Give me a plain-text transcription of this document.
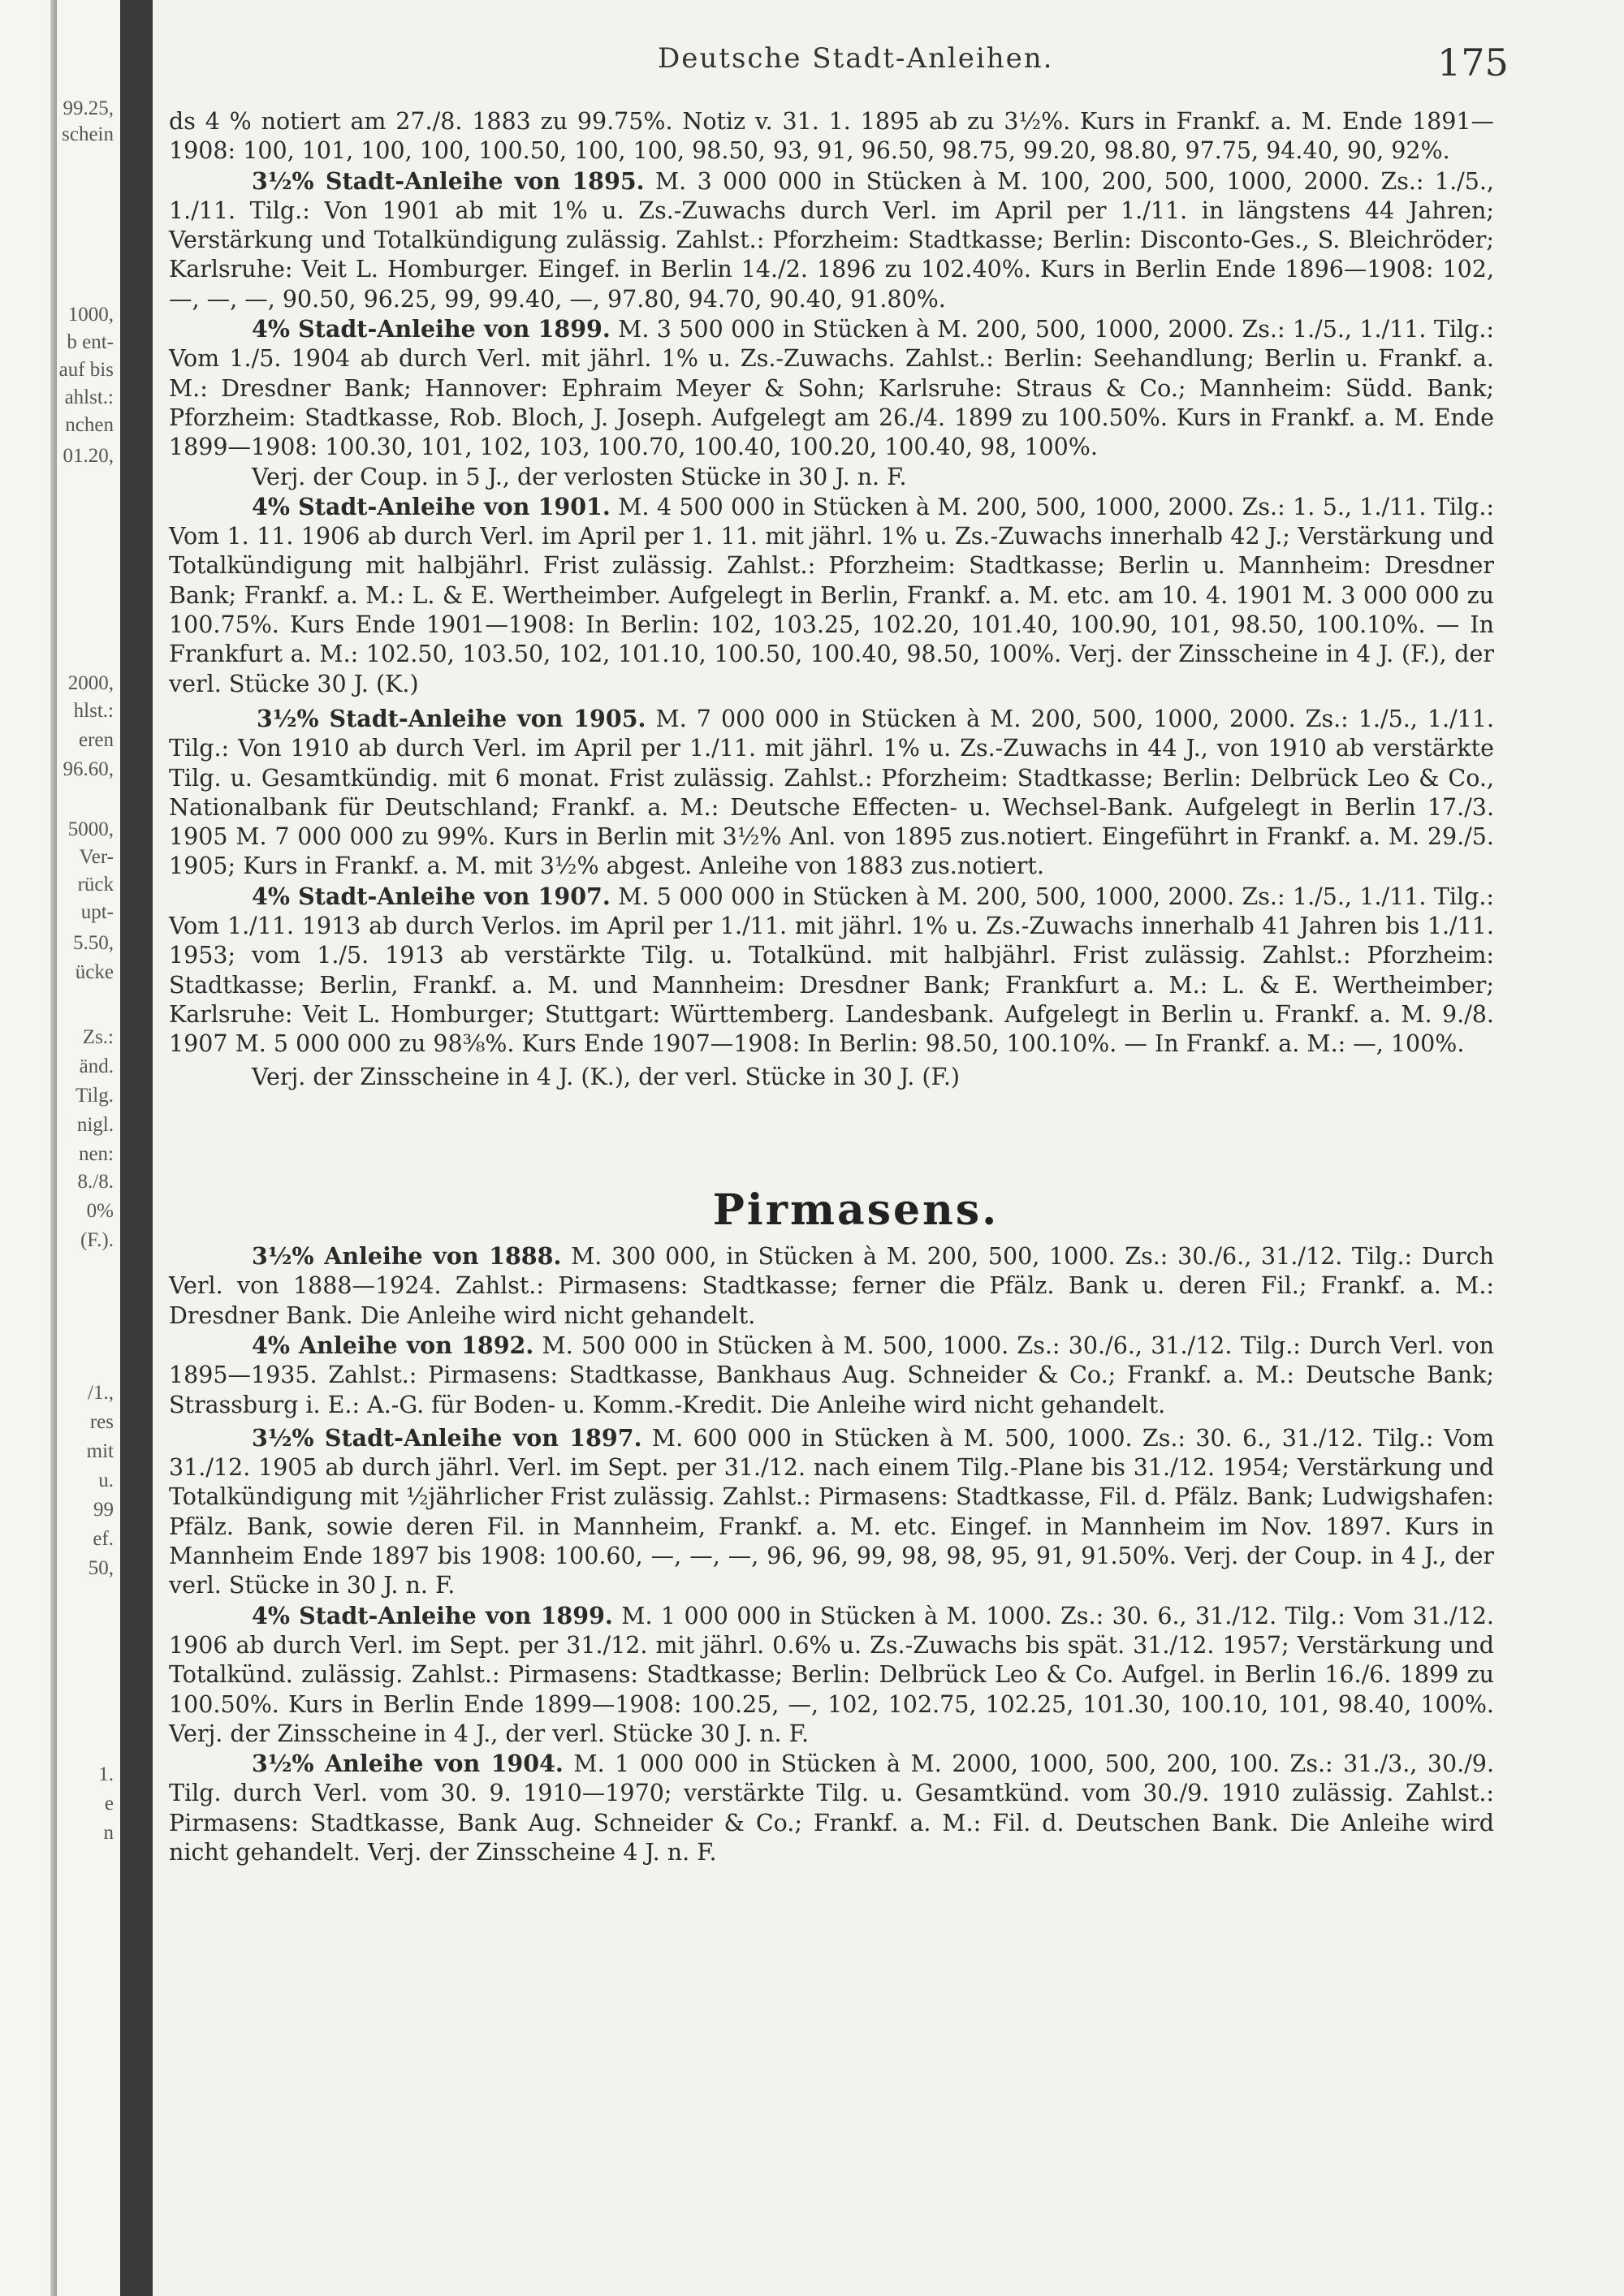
99.25,
schein
1000,
b ent-
auf bis
ahlst.:
nchen
01.20,
2000,
hlst.:
eren
96.60,
5000,
Ver-
rück
upt-
5.50,
ücke
Zs.:
änd.
Tilg.
nigl.
nen:
8./8.
0%
(F.).
/1.,
res
mit
u.
99
ef.
50,
1.
e
n
Deutsche Stadt-Anleihen.	175

ds 4 % notiert am 27./8. 1883 zu 99.75%. Notiz v. 31. 1. 1895 ab zu 3½%. Kurs in Frankf. a. M. Ende 1891—1908: 100, 101, 100, 100, 100.50, 100, 100, 98.50, 93, 91, 96.50, 98.75, 99.20, 98.80, 97.75, 94.40, 90, 92%.

3½% Stadt-Anleihe von 1895. M. 3 000 000 in Stücken à M. 100, 200, 500, 1000, 2000. Zs.: 1./5., 1./11. Tilg.: Von 1901 ab mit 1% u. Zs.-Zuwachs durch Verl. im April per 1./11. in längstens 44 Jahren; Verstärkung und Totalkündigung zulässig. Zahlst.: Pforzheim: Stadtkasse; Berlin: Disconto-Ges., S. Bleichröder; Karlsruhe: Veit L. Homburger. Eingef. in Berlin 14./2. 1896 zu 102.40%. Kurs in Berlin Ende 1896—1908: 102, —, —, —, 90.50, 96.25, 99, 99.40, —, 97.80, 94.70, 90.40, 91.80%.

4% Stadt-Anleihe von 1899. M. 3 500 000 in Stücken à M. 200, 500, 1000, 2000. Zs.: 1./5., 1./11. Tilg.: Vom 1./5. 1904 ab durch Verl. mit jährl. 1% u. Zs.-Zuwachs. Zahlst.: Berlin: Seehandlung; Berlin u. Frankf. a. M.: Dresdner Bank; Hannover: Ephraim Meyer & Sohn; Karlsruhe: Straus & Co.; Mannheim: Südd. Bank; Pforzheim: Stadtkasse, Rob. Bloch, J. Joseph. Aufgelegt am 26./4. 1899 zu 100.50%. Kurs in Frankf. a. M. Ende 1899—1908: 100.30, 101, 102, 103, 100.70, 100.40, 100.20, 100.40, 98, 100%.

Verj. der Coup. in 5 J., der verlosten Stücke in 30 J. n. F.

4% Stadt-Anleihe von 1901. M. 4 500 000 in Stücken à M. 200, 500, 1000, 2000. Zs.: 1. 5., 1./11. Tilg.: Vom 1. 11. 1906 ab durch Verl. im April per 1. 11. mit jährl. 1% u. Zs.-Zuwachs innerhalb 42 J.; Verstärkung und Totalkündigung mit halbjährl. Frist zulässig. Zahlst.: Pforzheim: Stadtkasse; Berlin u. Mannheim: Dresdner Bank; Frankf. a. M.: L. & E. Wertheimber. Aufgelegt in Berlin, Frankf. a. M. etc. am 10. 4. 1901 M. 3 000 000 zu 100.75%. Kurs Ende 1901—1908: In Berlin: 102, 103.25, 102.20, 101.40, 100.90, 101, 98.50, 100.10%. — In Frankfurt a. M.: 102.50, 103.50, 102, 101.10, 100.50, 100.40, 98.50, 100%. Verj. der Zinsscheine in 4 J. (F.), der verl. Stücke 30 J. (K.)

3½% Stadt-Anleihe von 1905. M. 7 000 000 in Stücken à M. 200, 500, 1000, 2000. Zs.: 1./5., 1./11. Tilg.: Von 1910 ab durch Verl. im April per 1./11. mit jährl. 1% u. Zs.-Zuwachs in 44 J., von 1910 ab verstärkte Tilg. u. Gesamtkündig. mit 6 monat. Frist zulässig. Zahlst.: Pforzheim: Stadtkasse; Berlin: Delbrück Leo & Co., Nationalbank für Deutschland; Frankf. a. M.: Deutsche Effecten- u. Wechsel-Bank. Aufgelegt in Berlin 17./3. 1905 M. 7 000 000 zu 99%. Kurs in Berlin mit 3½% Anl. von 1895 zus.notiert. Eingeführt in Frankf. a. M. 29./5. 1905; Kurs in Frankf. a. M. mit 3½% abgest. Anleihe von 1883 zus.notiert.

4% Stadt-Anleihe von 1907. M. 5 000 000 in Stücken à M. 200, 500, 1000, 2000. Zs.: 1./5., 1./11. Tilg.: Vom 1./11. 1913 ab durch Verlos. im April per 1./11. mit jährl. 1% u. Zs.-Zuwachs innerhalb 41 Jahren bis 1./11. 1953; vom 1./5. 1913 ab verstärkte Tilg. u. Totalkünd. mit halbjährl. Frist zulässig. Zahlst.: Pforzheim: Stadtkasse; Berlin, Frankf. a. M. und Mannheim: Dresdner Bank; Frankfurt a. M.: L. & E. Wertheimber; Karlsruhe: Veit L. Homburger; Stuttgart: Württemberg. Landesbank. Aufgelegt in Berlin u. Frankf. a. M. 9./8. 1907 M. 5 000 000 zu 98⅜%. Kurs Ende 1907—1908: In Berlin: 98.50, 100.10%. — In Frankf. a. M.: —, 100%.

Verj. der Zinsscheine in 4 J. (K.), der verl. Stücke in 30 J. (F.)

Pirmasens.

3½% Anleihe von 1888. M. 300 000, in Stücken à M. 200, 500, 1000. Zs.: 30./6., 31./12. Tilg.: Durch Verl. von 1888—1924. Zahlst.: Pirmasens: Stadtkasse; ferner die Pfälz. Bank u. deren Fil.; Frankf. a. M.: Dresdner Bank. Die Anleihe wird nicht gehandelt.

4% Anleihe von 1892. M. 500 000 in Stücken à M. 500, 1000. Zs.: 30./6., 31./12. Tilg.: Durch Verl. von 1895—1935. Zahlst.: Pirmasens: Stadtkasse, Bankhaus Aug. Schneider & Co.; Frankf. a. M.: Deutsche Bank; Strassburg i. E.: A.-G. für Boden- u. Komm.-Kredit. Die Anleihe wird nicht gehandelt.

3½% Stadt-Anleihe von 1897. M. 600 000 in Stücken à M. 500, 1000. Zs.: 30. 6., 31./12. Tilg.: Vom 31./12. 1905 ab durch jährl. Verl. im Sept. per 31./12. nach einem Tilg.-Plane bis 31./12. 1954; Verstärkung und Totalkündigung mit ½jährlicher Frist zulässig. Zahlst.: Pirmasens: Stadtkasse, Fil. d. Pfälz. Bank; Ludwigshafen: Pfälz. Bank, sowie deren Fil. in Mannheim, Frankf. a. M. etc. Eingef. in Mannheim im Nov. 1897. Kurs in Mannheim Ende 1897 bis 1908: 100.60, —, —, —, 96, 96, 99, 98, 98, 95, 91, 91.50%. Verj. der Coup. in 4 J., der verl. Stücke in 30 J. n. F.

4% Stadt-Anleihe von 1899. M. 1 000 000 in Stücken à M. 1000. Zs.: 30. 6., 31./12. Tilg.: Vom 31./12. 1906 ab durch Verl. im Sept. per 31./12. mit jährl. 0.6% u. Zs.-Zuwachs bis spät. 31./12. 1957; Verstärkung und Totalkünd. zulässig. Zahlst.: Pirmasens: Stadtkasse; Berlin: Delbrück Leo & Co. Aufgel. in Berlin 16./6. 1899 zu 100.50%. Kurs in Berlin Ende 1899—1908: 100.25, —, 102, 102.75, 102.25, 101.30, 100.10, 101, 98.40, 100%. Verj. der Zinsscheine in 4 J., der verl. Stücke 30 J. n. F.

3½% Anleihe von 1904. M. 1 000 000 in Stücken à M. 2000, 1000, 500, 200, 100. Zs.: 31./3., 30./9. Tilg. durch Verl. vom 30. 9. 1910—1970; verstärkte Tilg. u. Gesamtkünd. vom 30./9. 1910 zulässig. Zahlst.: Pirmasens: Stadtkasse, Bank Aug. Schneider & Co.; Frankf. a. M.: Fil. d. Deutschen Bank. Die Anleihe wird nicht gehandelt. Verj. der Zinsscheine 4 J. n. F.
